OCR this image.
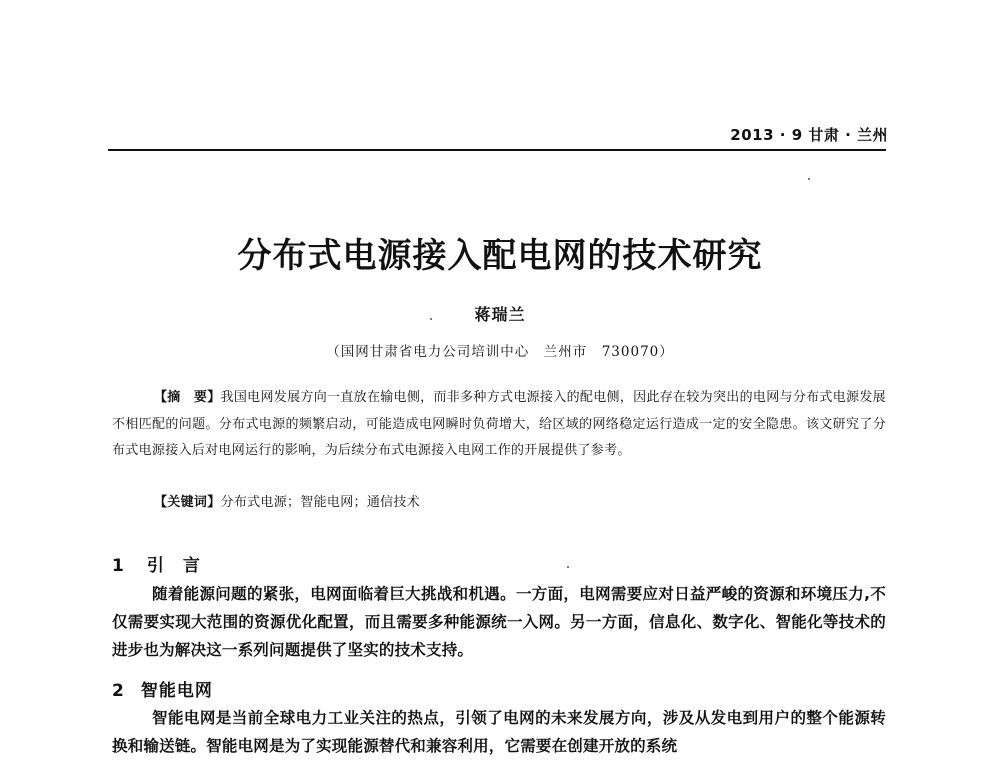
2013 · 9 甘肃 · 兰州
分布式电源接入配电网的技术研究
蒋瑞兰
（国网甘肃省电力公司培训中心　兰州市　730070）
【摘　要】我国电网发展方向一直放在输电侧，而非多种方式电源接入的配电侧，因此存在较为突出的电网与分布式电源发展不相匹配的问题。分布式电源的频繁启动，可能造成电网瞬时负荷增大，给区域的网络稳定运行造成一定的安全隐患。该文研究了分布式电源接入后对电网运行的影响，为后续分布式电源接入电网工作的开展提供了参考。
【关键词】分布式电源；智能电网；通信技术
1 引 言
随着能源问题的紧张，电网面临着巨大挑战和机遇。一方面，电网需要应对日益严峻的资源和环境压力,不仅需要实现大范围的资源优化配置，而且需要多种能源统一入网。另一方面，信息化、数字化、智能化等技术的进步也为解决这一系列问题提供了坚实的技术支持。
2 智能电网
智能电网是当前全球电力工业关注的热点，引领了电网的未来发展方向，涉及从发电到用户的整个能源转换和输送链。智能电网是为了实现能源替代和兼容利用，它需要在创建开放的系统
